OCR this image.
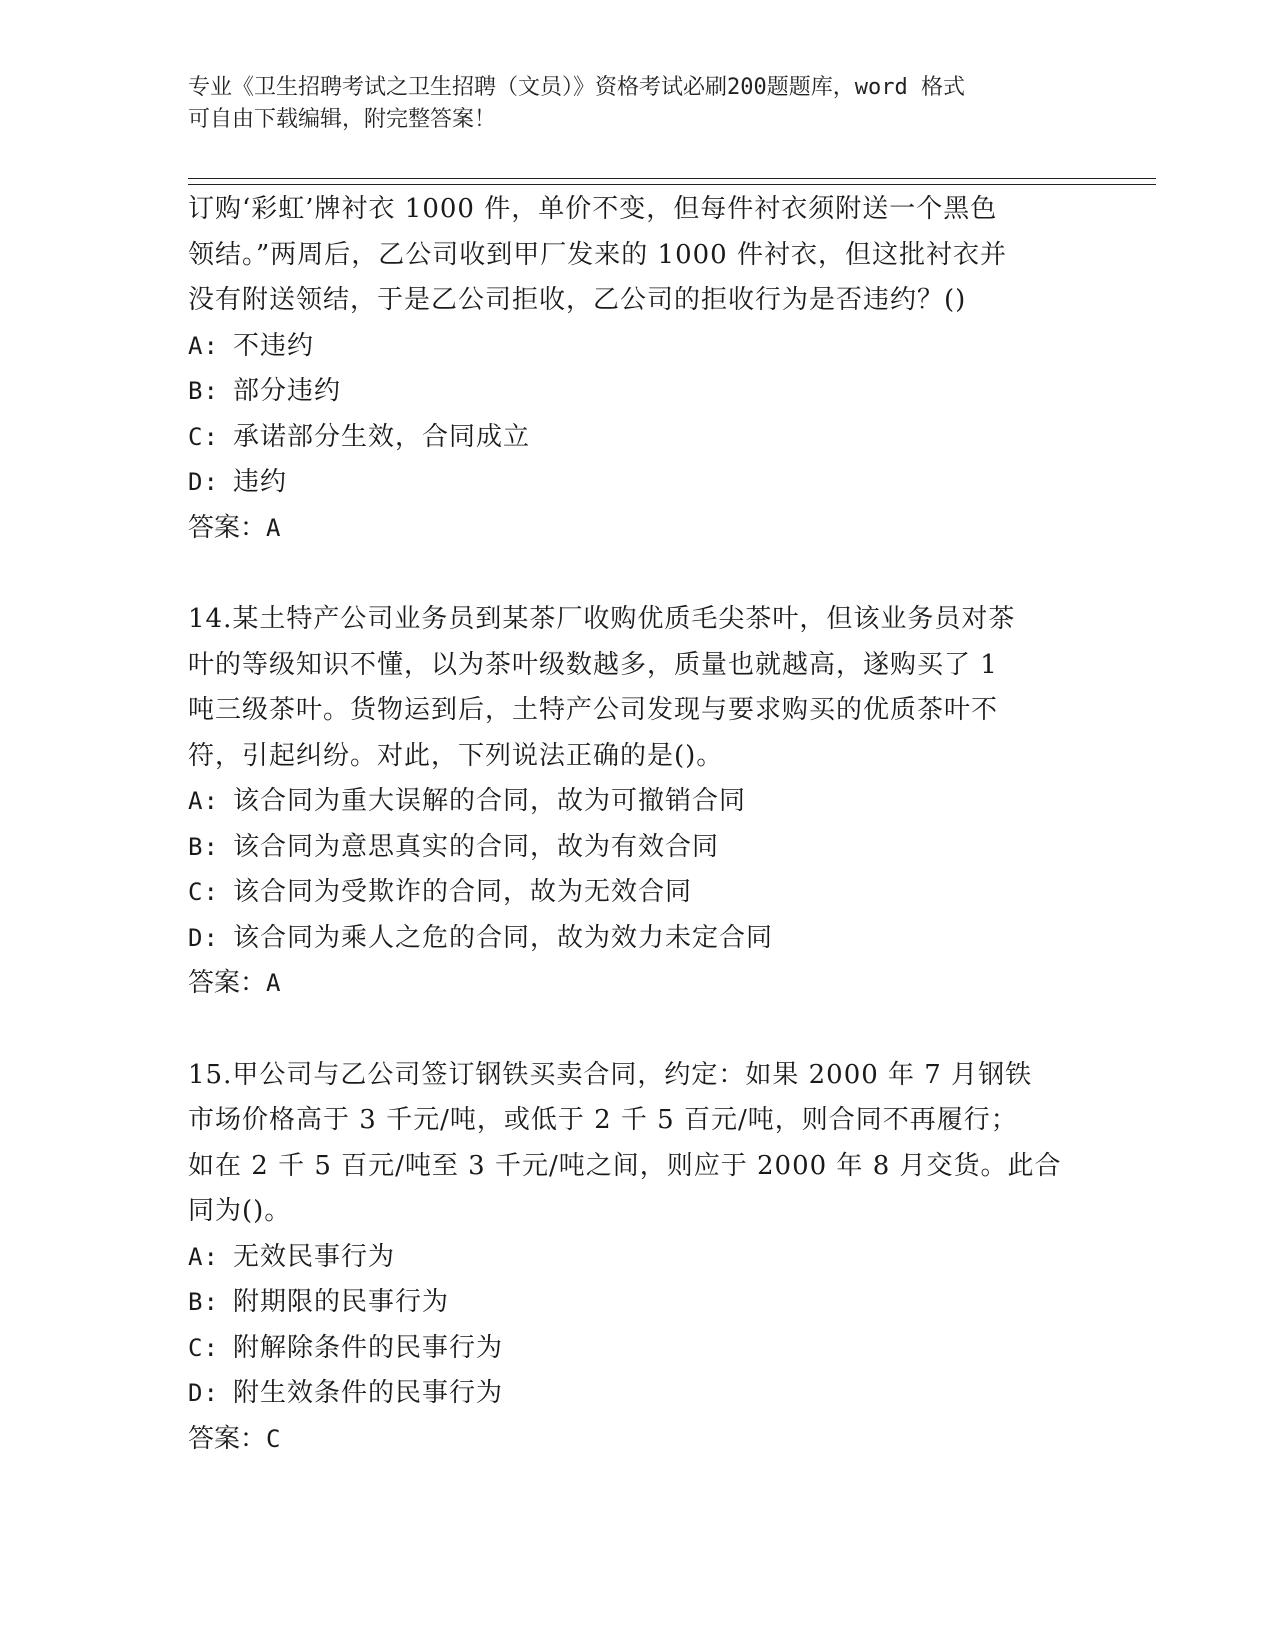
专业《卫生招聘考试之卫生招聘（文员）》资格考试必刷200题题库，word 格式
可自由下载编辑，附完整答案！
订购‘彩虹’牌衬衣 1000 件，单价不变，但每件衬衣须附送一个黑色
领结。”两周后，乙公司收到甲厂发来的 1000 件衬衣，但这批衬衣并
没有附送领结，于是乙公司拒收，乙公司的拒收行为是否违约？()
A: 不违约
B: 部分违约
C: 承诺部分生效，合同成立
D: 违约
答案：A
14.某土特产公司业务员到某茶厂收购优质毛尖茶叶，但该业务员对茶
叶的等级知识不懂，以为茶叶级数越多，质量也就越高，遂购买了 1
吨三级茶叶。货物运到后，土特产公司发现与要求购买的优质茶叶不
符，引起纠纷。对此，下列说法正确的是()。
A: 该合同为重大误解的合同，故为可撤销合同
B: 该合同为意思真实的合同，故为有效合同
C: 该合同为受欺诈的合同，故为无效合同
D: 该合同为乘人之危的合同，故为效力未定合同
答案：A
15.甲公司与乙公司签订钢铁买卖合同，约定：如果 2000 年 7 月钢铁
市场价格高于 3 千元/吨，或低于 2 千 5 百元/吨，则合同不再履行；
如在 2 千 5 百元/吨至 3 千元/吨之间，则应于 2000 年 8 月交货。此合
同为()。
A: 无效民事行为
B: 附期限的民事行为
C: 附解除条件的民事行为
D: 附生效条件的民事行为
答案：C
